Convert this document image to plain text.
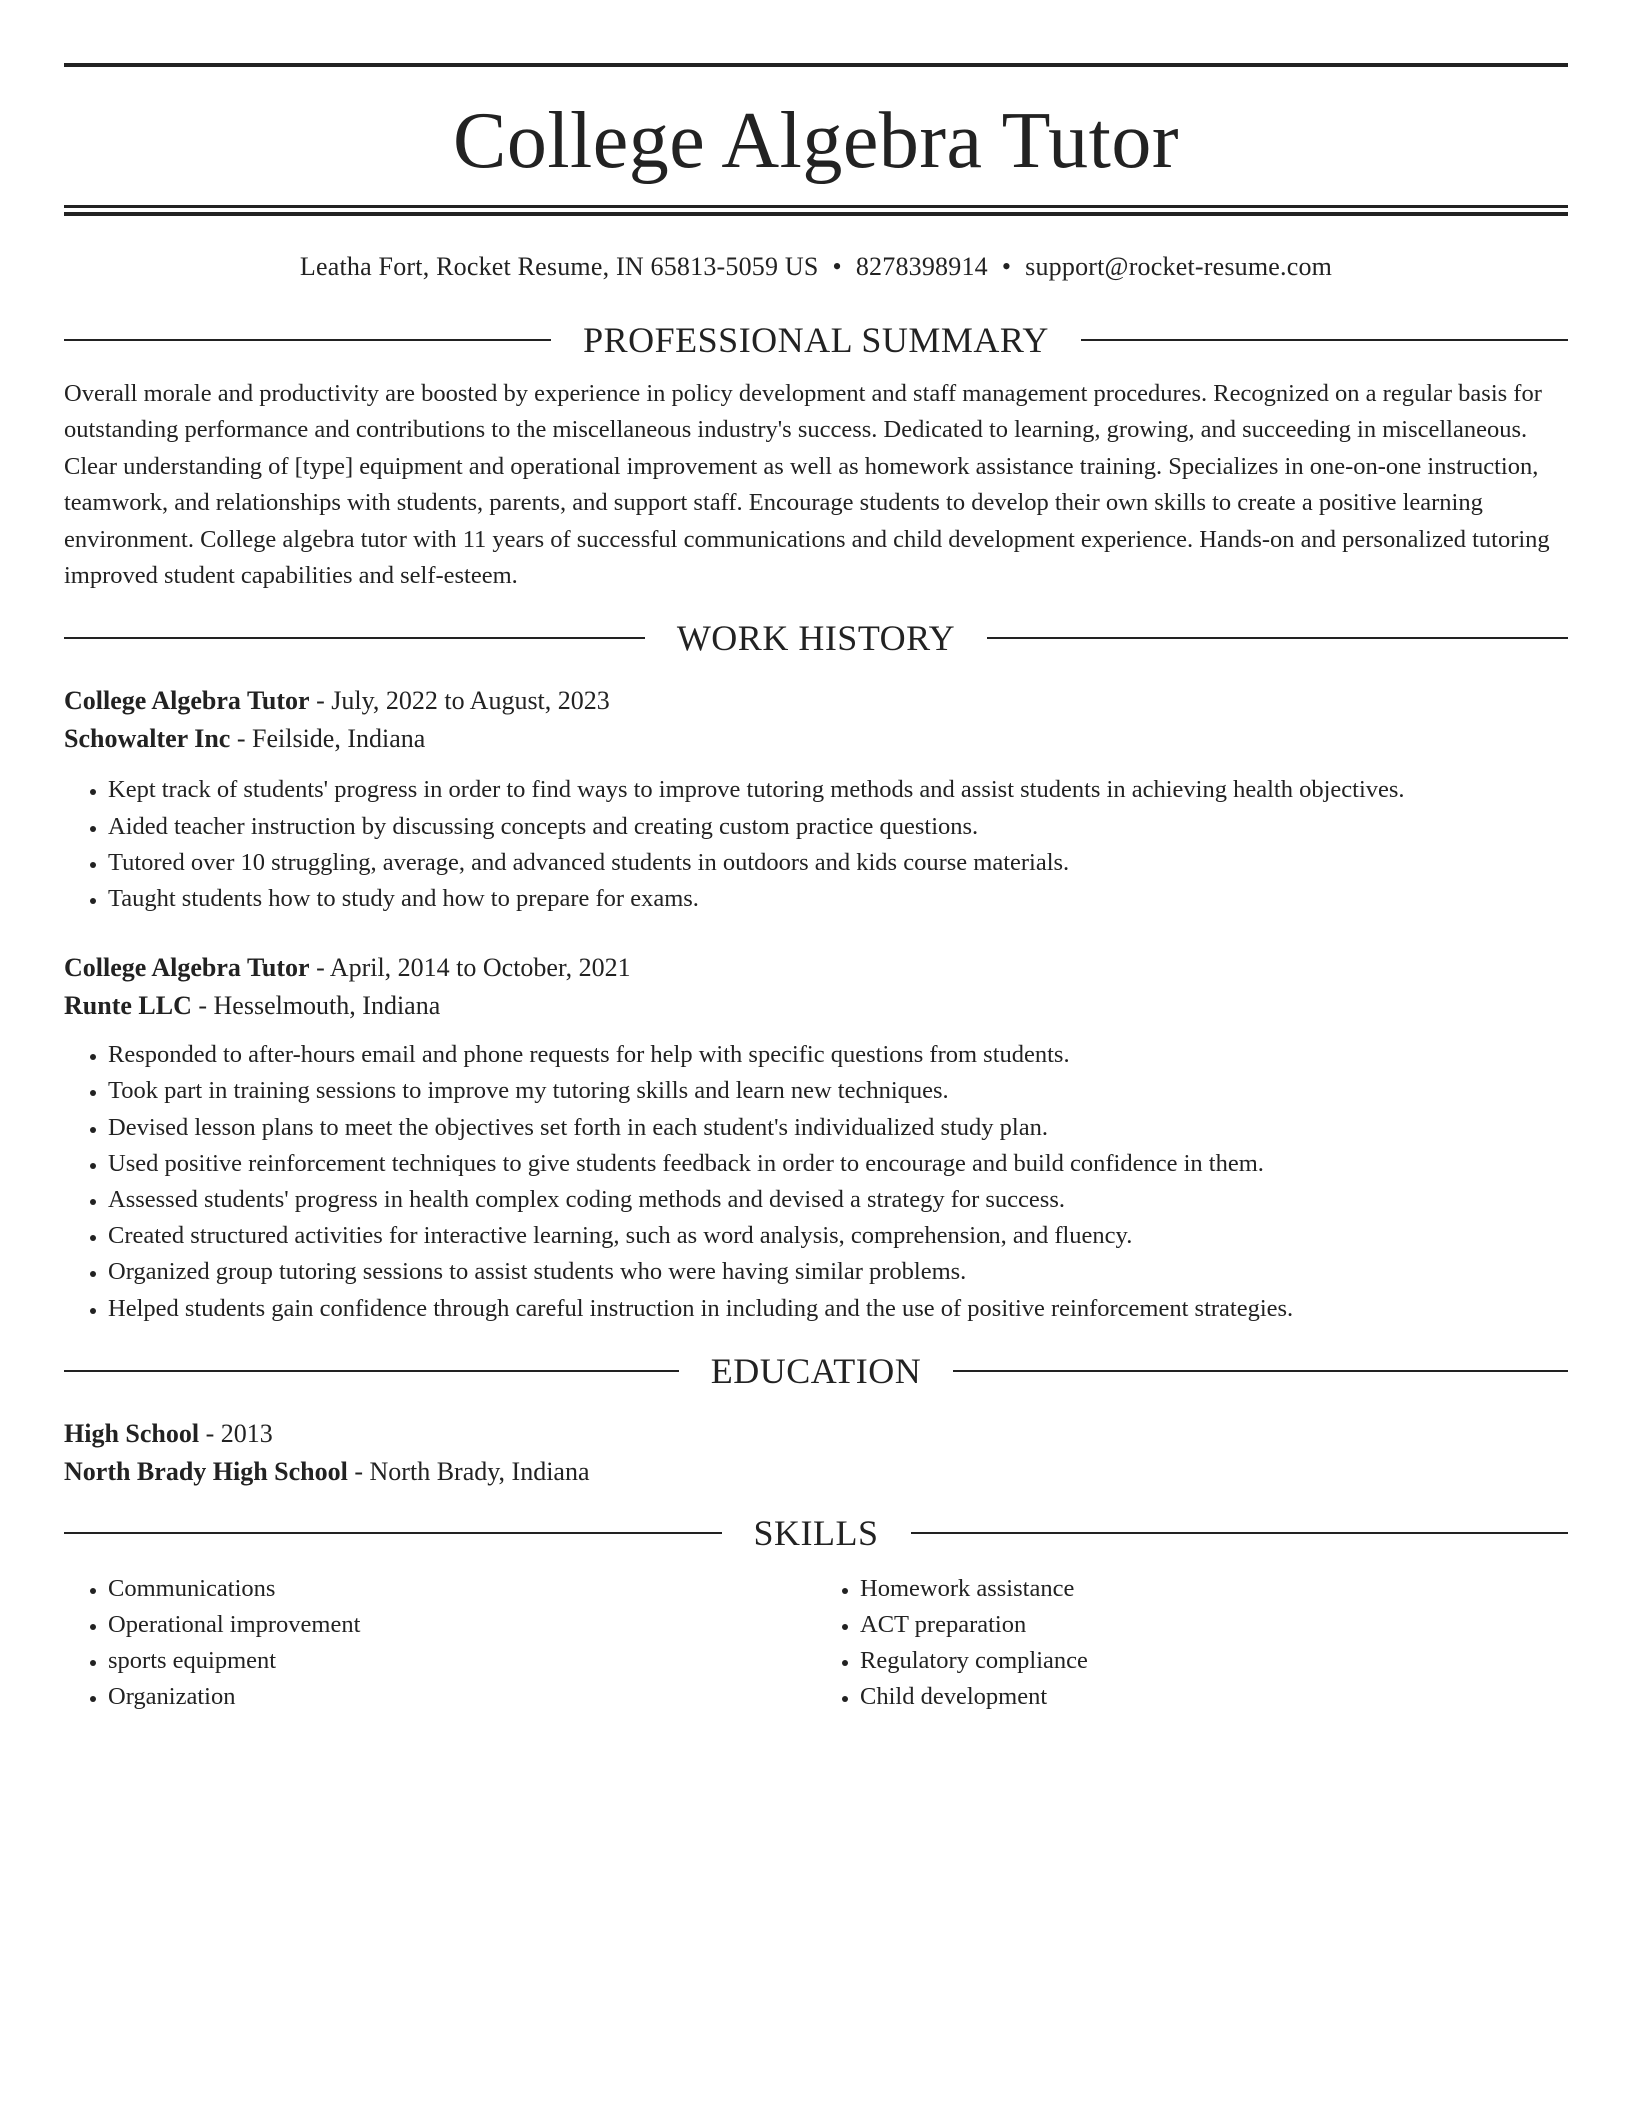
College Algebra Tutor
Leatha Fort, Rocket Resume, IN 65813-5059 US • 8278398914 • support@rocket-resume.com
PROFESSIONAL SUMMARY

Overall morale and productivity are boosted by experience in policy development and staff management procedures. Recognized on a regular basis for outstanding performance and contributions to the miscellaneous industry's success. Dedicated to learning, growing, and succeeding in miscellaneous. Clear understanding of [type] equipment and operational improvement as well as homework assistance training. Specializes in one-on-one instruction, teamwork, and relationships with students, parents, and support staff. Encourage students to develop their own skills to create a positive learning environment. College algebra tutor with 11 years of successful communications and child development experience. Hands-on and personalized tutoring improved student capabilities and self-esteem.

WORK HISTORY

College Algebra Tutor - July, 2022 to August, 2023

Schowalter Inc - Feilside, Indiana

• Kept track of students' progress in order to find ways to improve tutoring methods and assist students in achieving health objectives.
• Aided teacher instruction by discussing concepts and creating custom practice questions.
• Tutored over 10 struggling, average, and advanced students in outdoors and kids course materials.
• Taught students how to study and how to prepare for exams.

College Algebra Tutor - April, 2014 to October, 2021

Runte LLC - Hesselmouth, Indiana

• Responded to after-hours email and phone requests for help with specific questions from students.
• Took part in training sessions to improve my tutoring skills and learn new techniques.
• Devised lesson plans to meet the objectives set forth in each student's individualized study plan.
• Used positive reinforcement techniques to give students feedback in order to encourage and build confidence in them.
• Assessed students' progress in health complex coding methods and devised a strategy for success.
• Created structured activities for interactive learning, such as word analysis, comprehension, and fluency.
• Organized group tutoring sessions to assist students who were having similar problems.
• Helped students gain confidence through careful instruction in including and the use of positive reinforcement strategies.
EDUCATION

High School - 2013

North Brady High School - North Brady, Indiana

SKILLS
• Communications
• Operational improvement
• sports equipment
• Organization
• Homework assistance
• ACT preparation
• Regulatory compliance
• Child development
